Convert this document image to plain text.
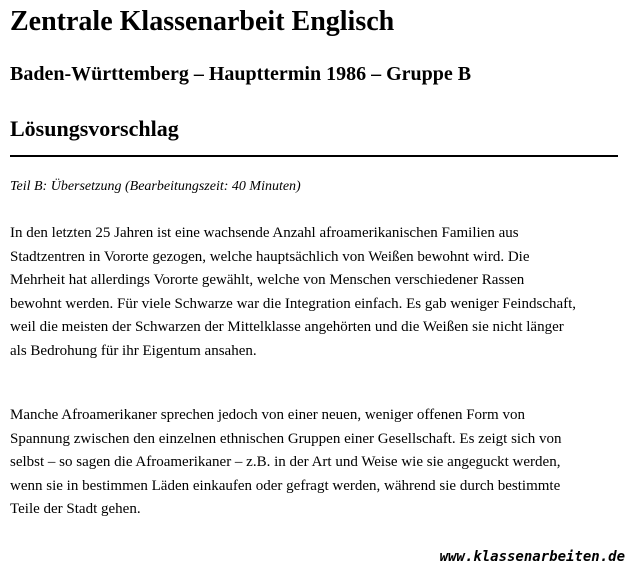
Zentrale Klassenarbeit Englisch
Baden-Württemberg – Haupttermin 1986 – Gruppe B
Lösungsvorschlag

Teil B: Übersetzung (Bearbeitungszeit: 40 Minuten)

In den letzten 25 Jahren ist eine wachsende Anzahl afroamerikanischen Familien aus
Stadtzentren in Vororte gezogen, welche hauptsächlich von Weißen bewohnt wird. Die
Mehrheit hat allerdings Vororte gewählt, welche von Menschen verschiedener Rassen
bewohnt werden. Für viele Schwarze war die Integration einfach. Es gab weniger Feindschaft,
weil die meisten der Schwarzen der Mittelklasse angehörten und die Weißen sie nicht länger
als Bedrohung für ihr Eigentum ansahen.

Manche Afroamerikaner sprechen jedoch von einer neuen, weniger offenen Form von
Spannung zwischen den einzelnen ethnischen Gruppen einer Gesellschaft. Es zeigt sich von
selbst – so sagen die Afroamerikaner – z.B. in der Art und Weise wie sie angeguckt werden,
wenn sie in bestimmen Läden einkaufen oder gefragt werden, während sie durch bestimmte
Teile der Stadt gehen.

www.klassenarbeiten.de
